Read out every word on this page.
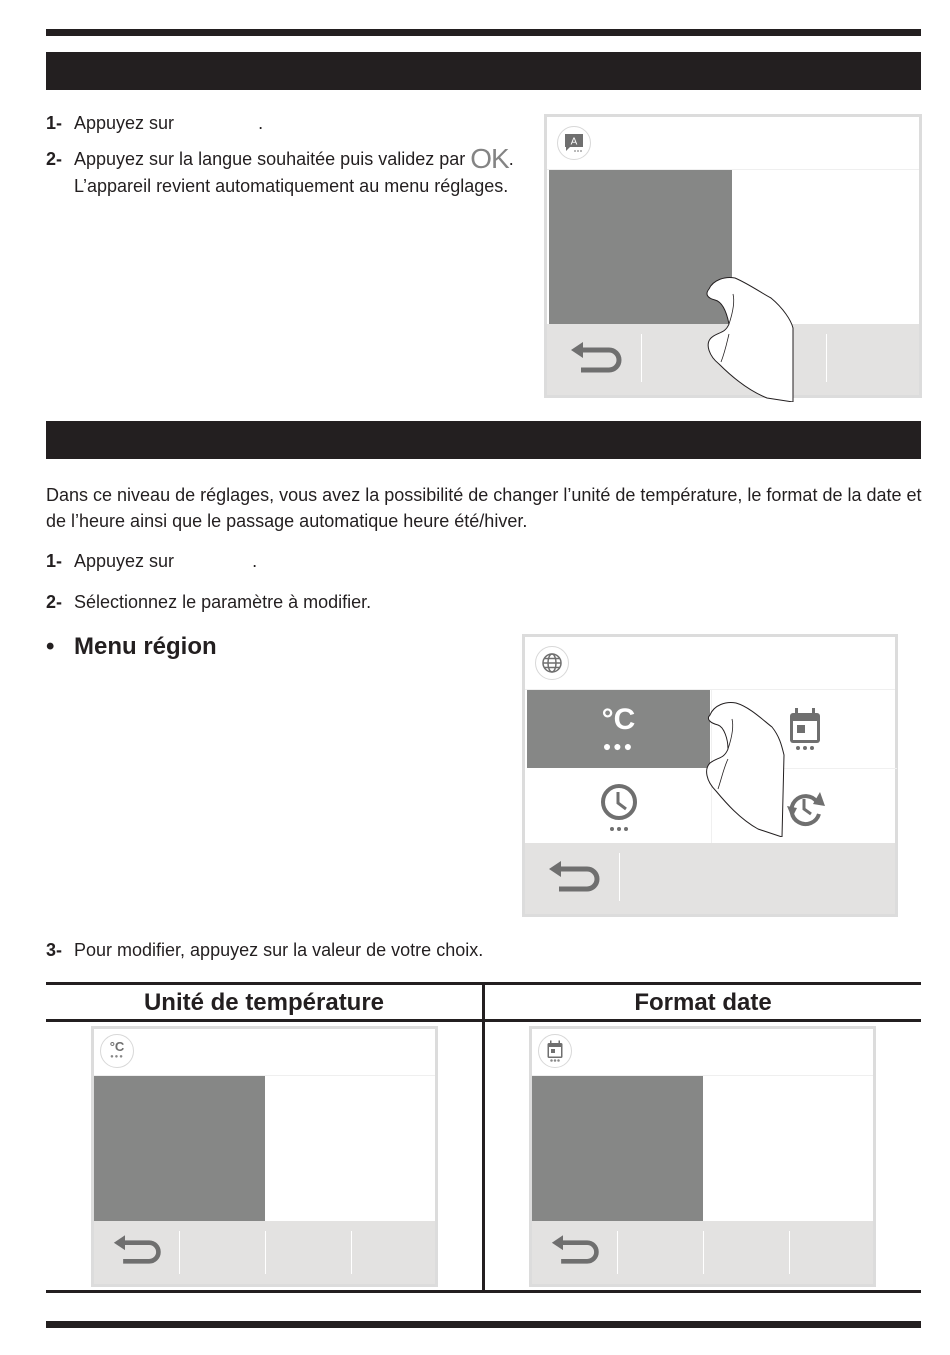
1- Appuyez sur	.
2- Appuyez sur la langue souhaitée puis validez par OK. L’appareil revient automatiquement au menu réglages.
A
Dans ce niveau de réglages, vous avez la possibilité de changer l’unité de température, le format de la date et de l’heure ainsi que le passage automatique heure été/hiver.
1- Appuyez sur	.
2- Sélectionnez le paramètre à modifier.
• Menu région
°C
●●●
3- Pour modifier, appuyez sur la valeur de votre choix.
Unité de température	Format date
°C
●●●
